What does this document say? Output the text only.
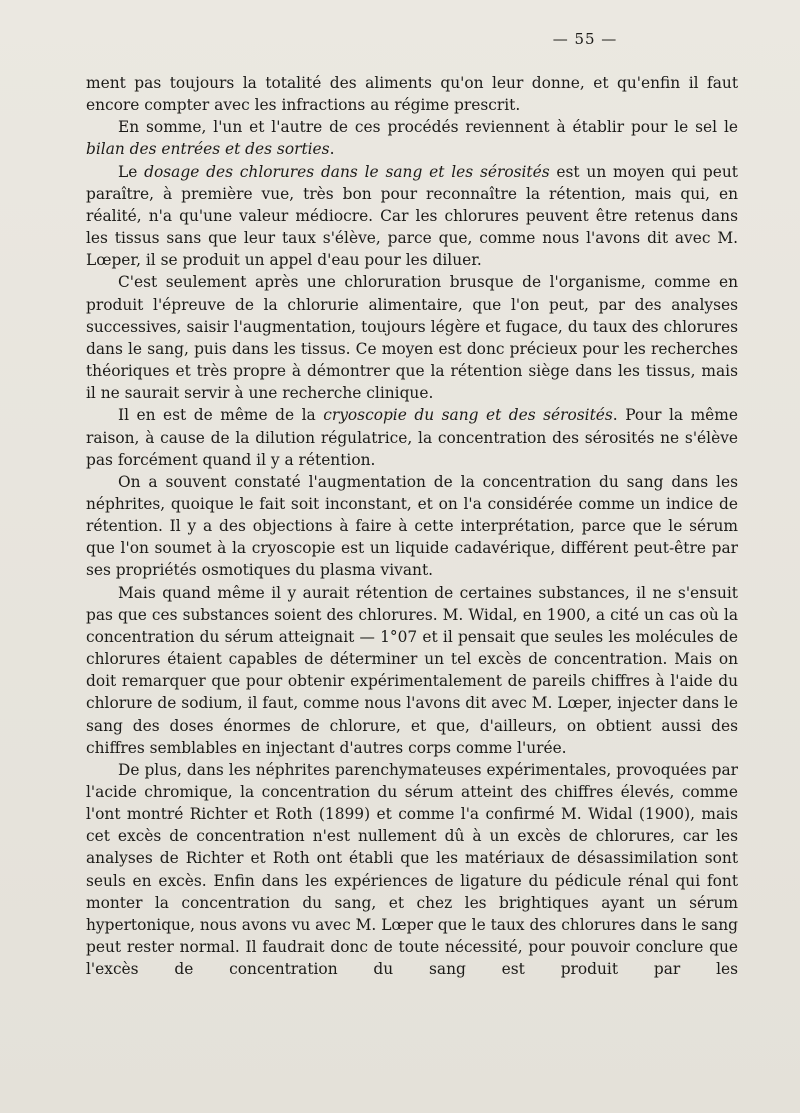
— 55 —

ment pas toujours la totalité des aliments qu'on leur donne, et qu'enfin il faut encore compter avec les infractions au régime prescrit.

En somme, l'un et l'autre de ces procédés reviennent à établir pour le sel le bilan des entrées et des sorties.

Le dosage des chlorures dans le sang et les sérosités est un moyen qui peut paraître, à première vue, très bon pour reconnaître la rétention, mais qui, en réalité, n'a qu'une valeur médiocre. Car les chlorures peuvent être retenus dans les tissus sans que leur taux s'élève, parce que, comme nous l'avons dit avec M. Lœper, il se produit un appel d'eau pour les diluer.

C'est seulement après une chloruration brusque de l'organisme, comme en produit l'épreuve de la chlorurie alimentaire, que l'on peut, par des analyses successives, saisir l'augmentation, toujours légère et fugace, du taux des chlorures dans le sang, puis dans les tissus. Ce moyen est donc précieux pour les recherches théoriques et très propre à démontrer que la rétention siège dans les tissus, mais il ne saurait servir à une recherche clinique.

Il en est de même de la cryoscopie du sang et des sérosités. Pour la même raison, à cause de la dilution régulatrice, la concentration des sérosités ne s'élève pas forcément quand il y a rétention.

On a souvent constaté l'augmentation de la concentration du sang dans les néphrites, quoique le fait soit inconstant, et on l'a considérée comme un indice de rétention. Il y a des objections à faire à cette interprétation, parce que le sérum que l'on soumet à la cryoscopie est un liquide cadavérique, différent peut-être par ses propriétés osmotiques du plasma vivant.

Mais quand même il y aurait rétention de certaines substances, il ne s'ensuit pas que ces substances soient des chlorures. M. Widal, en 1900, a cité un cas où la concentration du sérum atteignait — 1°07 et il pensait que seules les molécules de chlorures étaient capables de déterminer un tel excès de concentration. Mais on doit remarquer que pour obtenir expérimentalement de pareils chiffres à l'aide du chlorure de sodium, il faut, comme nous l'avons dit avec M. Lœper, injecter dans le sang des doses énormes de chlorure, et que, d'ailleurs, on obtient aussi des chiffres semblables en injectant d'autres corps comme l'urée.

De plus, dans les néphrites parenchymateuses expérimentales, provoquées par l'acide chromique, la concentration du sérum atteint des chiffres élevés, comme l'ont montré Richter et Roth (1899) et comme l'a confirmé M. Widal (1900), mais cet excès de concentration n'est nullement dû à un excès de chlorures, car les analyses de Richter et Roth ont établi que les matériaux de désassimilation sont seuls en excès. Enfin dans les expériences de ligature du pédicule rénal qui font monter la concentration du sang, et chez les brightiques ayant un sérum hypertonique, nous avons vu avec M. Lœper que le taux des chlorures dans le sang peut rester normal. Il faudrait donc de toute nécessité, pour pouvoir conclure que l'excès de concentration du sang est produit par les
